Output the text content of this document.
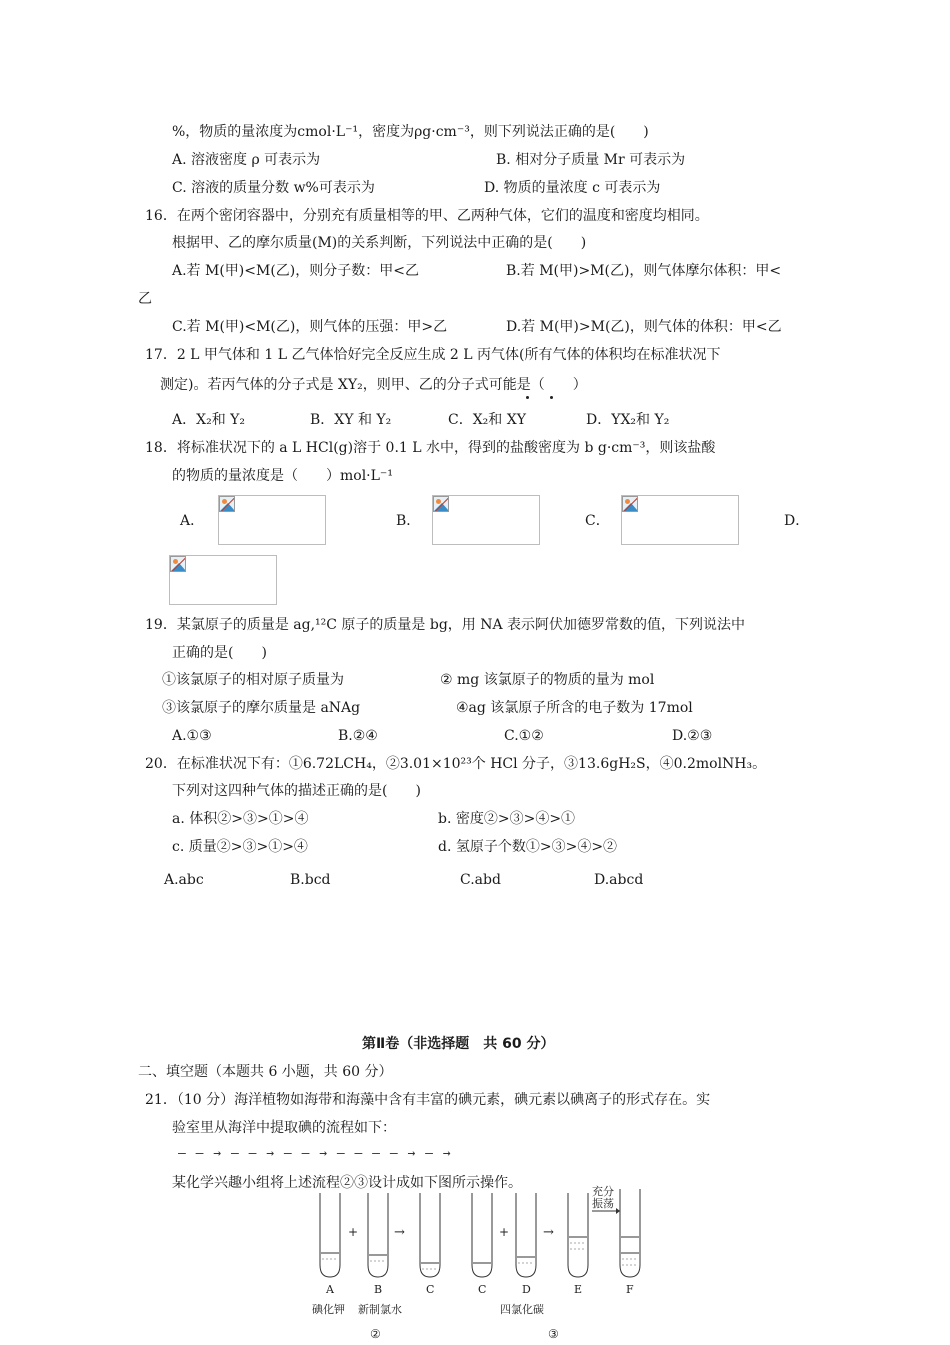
%，物质的量浓度为cmol·L⁻¹，密度为ρg·cm⁻³，则下列说法正确的是(　　)
A. 溶液密度 ρ 可表示为	B. 相对分子质量 Mr 可表示为
C. 溶液的质量分数 w%可表示为	D. 物质的量浓度 c 可表示为
16．在两个密闭容器中，分别充有质量相等的甲、乙两种气体，它们的温度和密度均相同。
根据甲、乙的摩尔质量(M)的关系判断，下列说法中正确的是(　　)
A.若 M(甲)<M(乙)，则分子数：甲<乙	B.若 M(甲)>M(乙)，则气体摩尔体积：甲<
乙
C.若 M(甲)<M(乙)，则气体的压强：甲>乙	D.若 M(甲)>M(乙)，则气体的体积：甲<乙
17．2 L 甲气体和 1 L 乙气体恰好完全反应生成 2 L 丙气体(所有气体的体积均在标准状况下
测定)。若丙气体的分子式是 XY₂，则甲、乙的分子式可能是（　　）
A．X₂和 Y₂	B．XY 和 Y₂	C．X₂和 XY	D．YX₂和 Y₂
18．将标准状况下的 a L HCl(g)溶于 0.1 L 水中，得到的盐酸密度为 b g·cm⁻³，则该盐酸
的物质的量浓度是（　　）mol·L⁻¹
A．	B．	C．	D．
19．某氯原子的质量是 ag,¹²C 原子的质量是 bg，用 NA 表示阿伏加德罗常数的值，下列说法中
正确的是(　　)
①该氯原子的相对原子质量为	② mg 该氯原子的物质的量为 mol
③该氯原子的摩尔质量是 aNAg	④ag 该氯原子所含的电子数为 17mol
A.①③	B.②④	C.①②	D.②③
20．在标准状况下有：①6.72LCH₄，②3.01×10²³个 HCl 分子，③13.6gH₂S，④0.2molNH₃。
下列对这四种气体的描述正确的是(　　)
a. 体积②>③>①>④	b. 密度②>③>④>①
c. 质量②>③>①>④	d. 氢原子个数①>③>④>②
A.abc	B.bcd	C.abd	D.abcd
第Ⅱ卷（非选择题　共 60 分）
二、填空题（本题共 6 小题，共 60 分）
21．（10 分）海洋植物如海带和海藻中含有丰富的碘元素，碘元素以碘离子的形式存在。实
验室里从海洋中提取碘的流程如下：
— — → — — → — — → — — — — → — →
某化学兴趣小组将上述流程②③设计成如下图所示操作。
+	→	+	→
充分
振荡
A	B	C	C	D	E	F
碘化钾 新制氯水	四氯化碳
②	③
